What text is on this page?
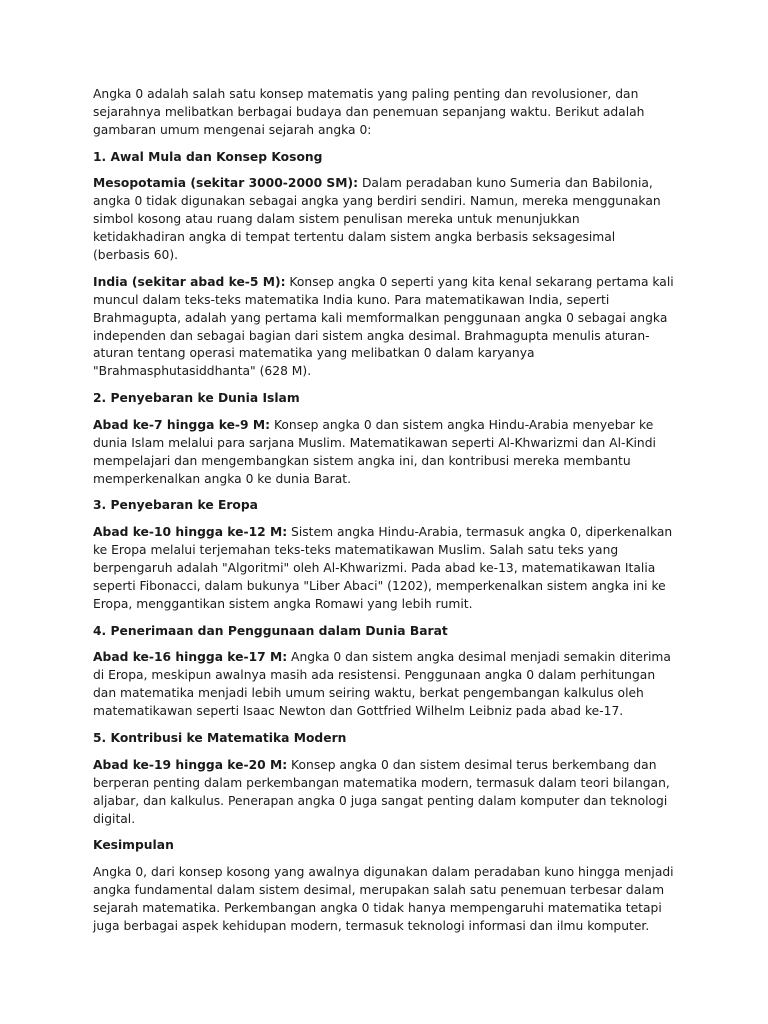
Angka 0 adalah salah satu konsep matematis yang paling penting dan revolusioner, dan sejarahnya melibatkan berbagai budaya dan penemuan sepanjang waktu. Berikut adalah gambaran umum mengenai sejarah angka 0:

1. Awal Mula dan Konsep Kosong

Mesopotamia (sekitar 3000-2000 SM): Dalam peradaban kuno Sumeria dan Babilonia, angka 0 tidak digunakan sebagai angka yang berdiri sendiri. Namun, mereka menggunakan simbol kosong atau ruang dalam sistem penulisan mereka untuk menunjukkan ketidakhadiran angka di tempat tertentu dalam sistem angka berbasis seksagesimal (berbasis 60).

India (sekitar abad ke-5 M): Konsep angka 0 seperti yang kita kenal sekarang pertama kali muncul dalam teks-teks matematika India kuno. Para matematikawan India, seperti Brahmagupta, adalah yang pertama kali memformalkan penggunaan angka 0 sebagai angka independen dan sebagai bagian dari sistem angka desimal. Brahmagupta menulis aturan-aturan tentang operasi matematika yang melibatkan 0 dalam karyanya "Brahmasphutasiddhanta" (628 M).

2. Penyebaran ke Dunia Islam

Abad ke-7 hingga ke-9 M: Konsep angka 0 dan sistem angka Hindu-Arabia menyebar ke dunia Islam melalui para sarjana Muslim. Matematikawan seperti Al-Khwarizmi dan Al-Kindi mempelajari dan mengembangkan sistem angka ini, dan kontribusi mereka membantu memperkenalkan angka 0 ke dunia Barat.

3. Penyebaran ke Eropa

Abad ke-10 hingga ke-12 M: Sistem angka Hindu-Arabia, termasuk angka 0, diperkenalkan ke Eropa melalui terjemahan teks-teks matematikawan Muslim. Salah satu teks yang berpengaruh adalah "Algoritmi" oleh Al-Khwarizmi. Pada abad ke-13, matematikawan Italia seperti Fibonacci, dalam bukunya "Liber Abaci" (1202), memperkenalkan sistem angka ini ke Eropa, menggantikan sistem angka Romawi yang lebih rumit.

4. Penerimaan dan Penggunaan dalam Dunia Barat

Abad ke-16 hingga ke-17 M: Angka 0 dan sistem angka desimal menjadi semakin diterima di Eropa, meskipun awalnya masih ada resistensi. Penggunaan angka 0 dalam perhitungan dan matematika menjadi lebih umum seiring waktu, berkat pengembangan kalkulus oleh matematikawan seperti Isaac Newton dan Gottfried Wilhelm Leibniz pada abad ke-17.

5. Kontribusi ke Matematika Modern

Abad ke-19 hingga ke-20 M: Konsep angka 0 dan sistem desimal terus berkembang dan berperan penting dalam perkembangan matematika modern, termasuk dalam teori bilangan, aljabar, dan kalkulus. Penerapan angka 0 juga sangat penting dalam komputer dan teknologi digital.

Kesimpulan

Angka 0, dari konsep kosong yang awalnya digunakan dalam peradaban kuno hingga menjadi angka fundamental dalam sistem desimal, merupakan salah satu penemuan terbesar dalam sejarah matematika. Perkembangan angka 0 tidak hanya mempengaruhi matematika tetapi juga berbagai aspek kehidupan modern, termasuk teknologi informasi dan ilmu komputer.
